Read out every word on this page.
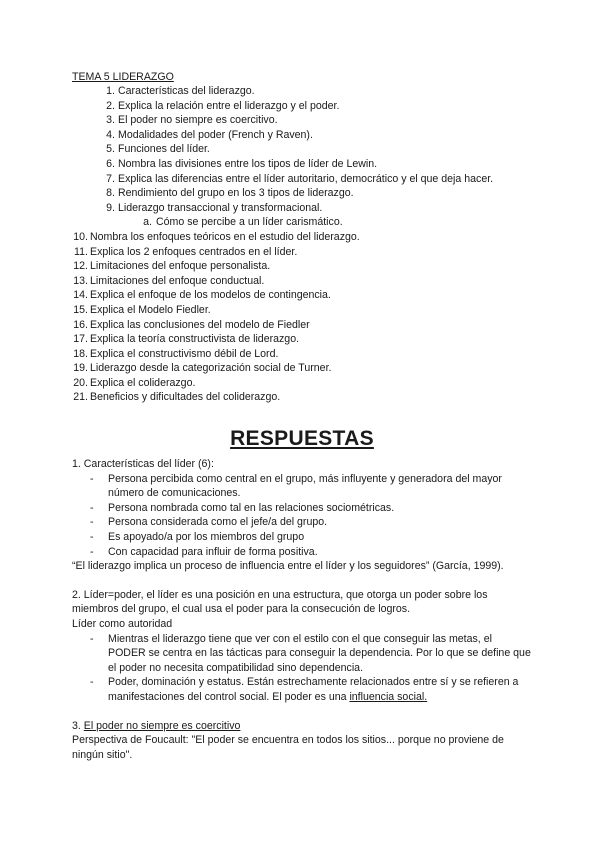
TEMA 5 LIDERAZGO

1. Características del liderazgo.
2. Explica la relación entre el liderazgo y el poder.
3. El poder no siempre es coercitivo.
4. Modalidades del poder (French y Raven).
5. Funciones del líder.
6. Nombra las divisiones entre los tipos de líder de Lewin.
7. Explica las diferencias entre el líder autoritario, democrático y el que deja hacer.
8. Rendimiento del grupo en los 3 tipos de liderazgo.
9. Liderazgo transaccional y transformacional.
a. Cómo se percibe a un líder carismático.
10. Nombra los enfoques teóricos en el estudio del liderazgo.
11. Explica los 2 enfoques centrados en el líder.
12. Limitaciones del enfoque personalista.
13. Limitaciones del enfoque conductual.
14. Explica el enfoque de los modelos de contingencia.
15. Explica el Modelo Fiedler.
16. Explica las conclusiones del modelo de Fiedler
17. Explica la teoría constructivista de liderazgo.
18. Explica el constructivismo débil de Lord.
19. Liderazgo desde la categorización social de Turner.
20. Explica el coliderazgo.
21. Beneficios y dificultades del coliderazgo.
RESPUESTAS

1. Características del líder (6):

- Persona percibida como central en el grupo, más influyente y generadora del mayor número de comunicaciones.
- Persona nombrada como tal en las relaciones sociométricas.
- Persona considerada como el jefe/a del grupo.
- Es apoyado/a por los miembros del grupo
- Con capacidad para influir de forma positiva.

“El liderazgo implica un proceso de influencia entre el líder y los seguidores” (García, 1999).

2. Líder=poder, el líder es una posición en una estructura, que otorga un poder sobre los miembros del grupo, el cual usa el poder para la consecución de logros.

Líder como autoridad

- Mientras el liderazgo tiene que ver con el estilo con el que conseguir las metas, el PODER se centra en las tácticas para conseguir la dependencia. Por lo que se define que el poder no necesita compatibilidad sino dependencia.
- Poder, dominación y estatus. Están estrechamente relacionados entre sí y se refieren a manifestaciones del control social. El poder es una influencia social.

3. El poder no siempre es coercitivo

Perspectiva de Foucault: "El poder se encuentra en todos los sitios... porque no proviene de ningún sitio".
